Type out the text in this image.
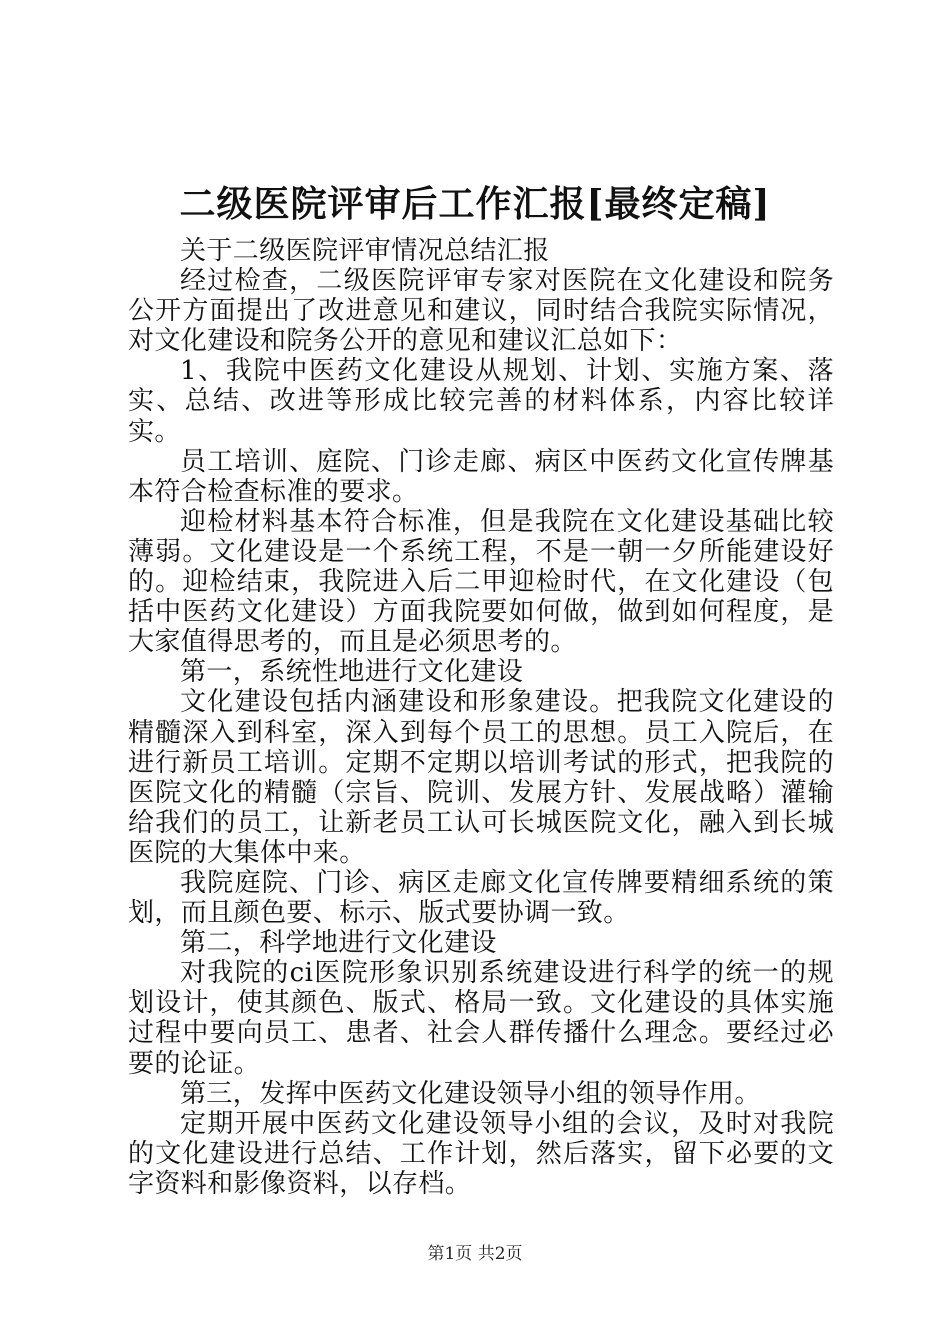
二级医院评审后工作汇报[最终定稿]

关于二级医院评审情况总结汇报

经过检查，二级医院评审专家对医院在文化建设和院务公开方面提出了改进意见和建议，同时结合我院实际情况，对文化建设和院务公开的意见和建议汇总如下：

1、我院中医药文化建设从规划、计划、实施方案、落实、总结、改进等形成比较完善的材料体系，内容比较详实。

员工培训、庭院、门诊走廊、病区中医药文化宣传牌基本符合检查标准的要求。

迎检材料基本符合标准，但是我院在文化建设基础比较薄弱。文化建设是一个系统工程，不是一朝一夕所能建设好的。迎检结束，我院进入后二甲迎检时代，在文化建设（包括中医药文化建设）方面我院要如何做，做到如何程度，是大家值得思考的，而且是必须思考的。

第一，系统性地进行文化建设

文化建设包括内涵建设和形象建设。把我院文化建设的精髓深入到科室，深入到每个员工的思想。员工入院后，在进行新员工培训。定期不定期以培训考试的形式，把我院的医院文化的精髓（宗旨、院训、发展方针、发展战略）灌输给我们的员工，让新老员工认可长城医院文化，融入到长城医院的大集体中来。

我院庭院、门诊、病区走廊文化宣传牌要精细系统的策划，而且颜色要、标示、版式要协调一致。

第二，科学地进行文化建设

对我院的ci医院形象识别系统建设进行科学的统一的规划设计，使其颜色、版式、格局一致。文化建设的具体实施过程中要向员工、患者、社会人群传播什么理念。要经过必要的论证。

第三，发挥中医药文化建设领导小组的领导作用。

定期开展中医药文化建设领导小组的会议，及时对我院的文化建设进行总结、工作计划，然后落实，留下必要的文字资料和影像资料，以存档。

第1页 共2页
